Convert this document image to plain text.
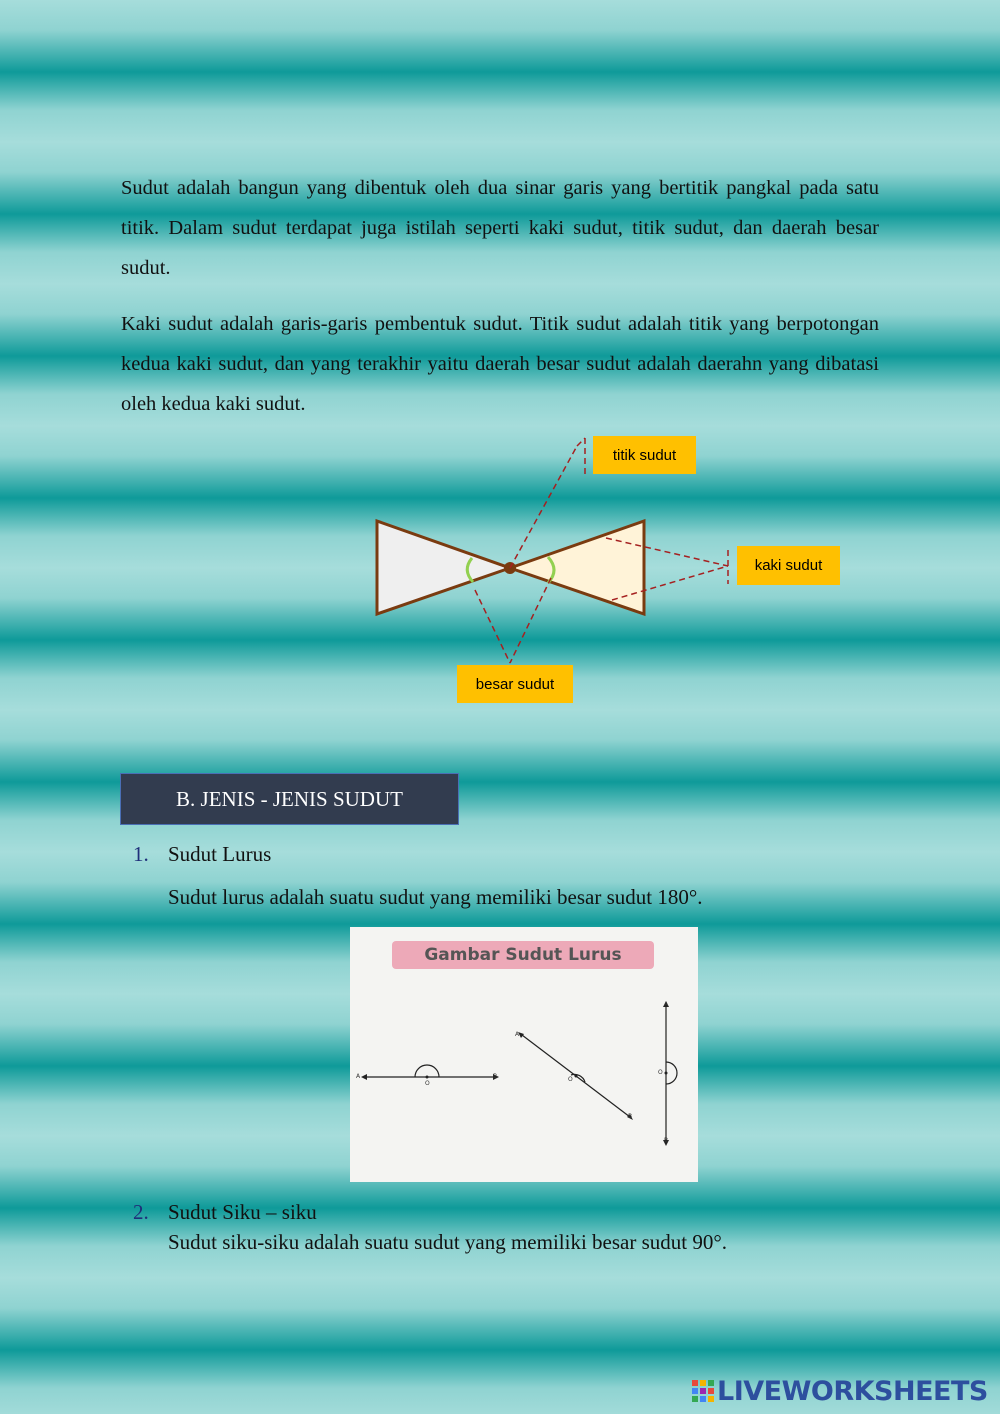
Sudut adalah bangun yang dibentuk oleh dua sinar garis yang bertitik pangkal pada satu titik. Dalam sudut terdapat juga istilah seperti kaki sudut, titik sudut, dan daerah besar sudut.

Kaki sudut adalah garis-garis pembentuk sudut. Titik sudut adalah titik yang berpotongan kedua kaki sudut, dan yang terakhir yaitu daerah besar sudut adalah daerahn yang dibatasi oleh kedua kaki sudut.

titik sudut
kaki sudut
besar sudut
B. JENIS - JENIS SUDUT
1. Sudut Lurus
Sudut lurus adalah suatu sudut yang memiliki besar sudut 180°.
Gambar Sudut Lurus
A
O
B
A
O
B
A
O
B
2. Sudut Siku – siku
Sudut siku-siku adalah suatu sudut yang memiliki besar sudut 90°.
LIVEWORKSHEETS
